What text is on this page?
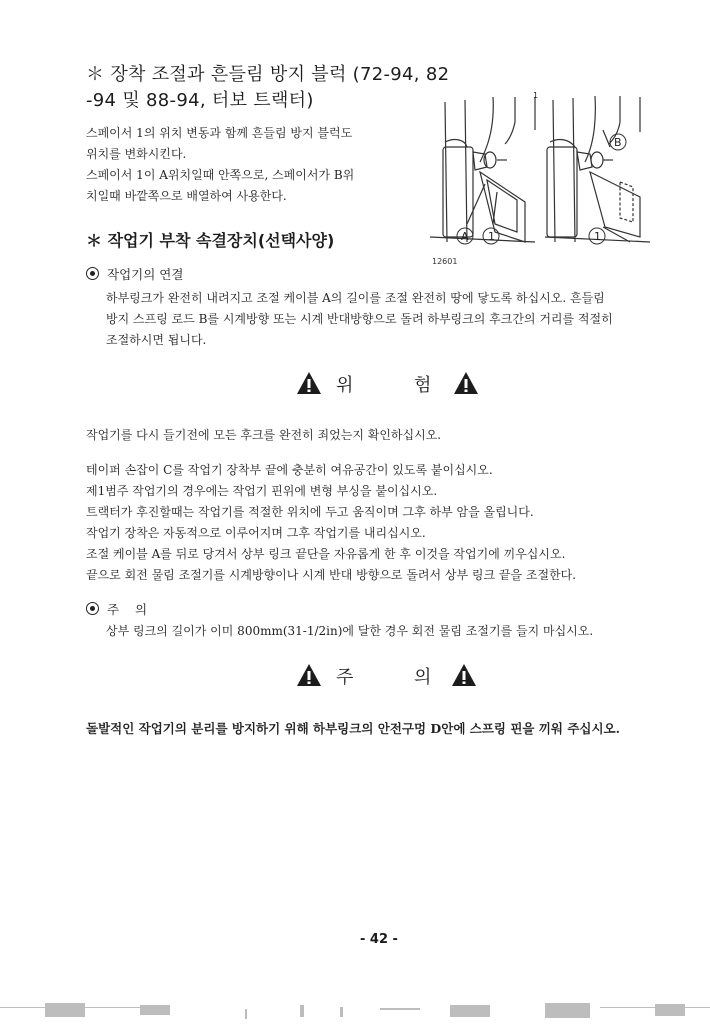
＊ 장착 조절과 흔들림 방지 블럭 (72-94, 82
-94 및 88-94, 터보 트랙터)
스페이서 1의 위치 변동과 함께 흔들림 방지 블럭도
위치를 변화시킨다.
스페이서 1이 A위치일때 안쪽으로, 스페이서가 B위
치일때 바깥쪽으로 배열하여 사용한다.
A 1
B
1
1
12601
＊ 작업기 부착 속결장치(선택사양)
작업기의 연결
하부링크가 완전히 내려지고 조절 케이블 A의 길이를 조절 완전히 땅에 닿도록 하십시오. 흔들림
방지 스프링 로드 B를 시계방향 또는 시계 반대방향으로 돌려 하부링크의 후크간의 거리를 적절히
조절하시면 됩니다.
위	험
작업기를 다시 들기전에 모든 후크를 완전히 죄었는지 확인하십시오.
테이퍼 손잡이 C를 작업기 장착부 끝에 충분히 여유공간이 있도록 붙이십시오.
제1범주 작업기의 경우에는 작업기 핀위에 변형 부싱을 붙이십시오.
트랙터가 후진할때는 작업기를 적절한 위치에 두고 움직이며 그후 하부 암을 올립니다.
작업기 장착은 자동적으로 이루어지며 그후 작업기를 내리십시오.
조절 케이블 A를 뒤로 당겨서 상부 링크 끝단을 자유롭게 한 후 이것을 작업기에 끼우십시오.
끝으로 회전 물림 조절기를 시계방향이나 시계 반대 방향으로 돌려서 상부 링크 끝을 조절한다.
주    의
상부 링크의 길이가 이미 800mm(31-1/2in)에 달한 경우 회전 물림 조절기를 들지 마십시오.
주	의
돌발적인 작업기의 분리를 방지하기 위해 하부링크의 안전구멍 D안에 스프링 핀을 끼워 주십시오.
- 42 -
